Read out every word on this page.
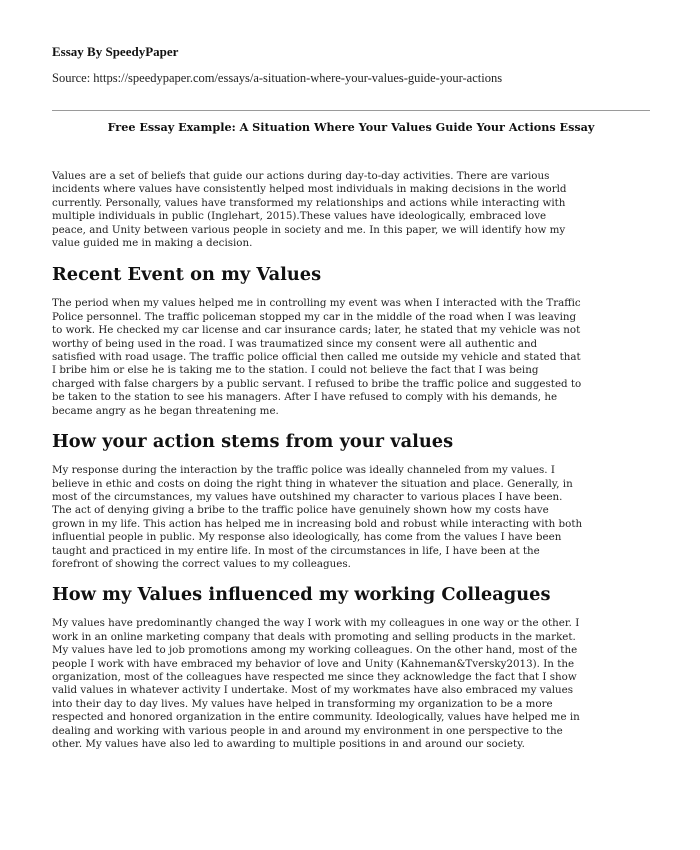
Essay By SpeedyPaper
Source: https://speedypaper.com/essays/a-situation-where-your-values-guide-your-actions
Free Essay Example: A Situation Where Your Values Guide Your Actions Essay

Values are a set of beliefs that guide our actions during day-to-day activities. There are various
incidents where values have consistently helped most individuals in making decisions in the world
currently. Personally, values have transformed my relationships and actions while interacting with
multiple individuals in public (Inglehart, 2015).These values have ideologically, embraced love
peace, and Unity between various people in society and me. In this paper, we will identify how my
value guided me in making a decision.

Recent Event on my Values

The period when my values helped me in controlling my event was when I interacted with the Traffic
Police personnel. The traffic policeman stopped my car in the middle of the road when I was leaving
to work. He checked my car license and car insurance cards; later, he stated that my vehicle was not
worthy of being used in the road. I was traumatized since my consent were all authentic and
satisfied with road usage. The traffic police official then called me outside my vehicle and stated that
I bribe him or else he is taking me to the station. I could not believe the fact that I was being
charged with false chargers by a public servant. I refused to bribe the traffic police and suggested to
be taken to the station to see his managers. After I have refused to comply with his demands, he
became angry as he began threatening me.

How your action stems from your values

My response during the interaction by the traffic police was ideally channeled from my values. I
believe in ethic and costs on doing the right thing in whatever the situation and place. Generally, in
most of the circumstances, my values have outshined my character to various places I have been.
The act of denying giving a bribe to the traffic police have genuinely shown how my costs have
grown in my life. This action has helped me in increasing bold and robust while interacting with both
influential people in public. My response also ideologically, has come from the values I have been
taught and practiced in my entire life. In most of the circumstances in life, I have been at the
forefront of showing the correct values to my colleagues.

How my Values influenced my working Colleagues

My values have predominantly changed the way I work with my colleagues in one way or the other. I
work in an online marketing company that deals with promoting and selling products in the market.
My values have led to job promotions among my working colleagues. On the other hand, most of the
people I work with have embraced my behavior of love and Unity (Kahneman&Tversky2013). In the
organization, most of the colleagues have respected me since they acknowledge the fact that I show
valid values in whatever activity I undertake. Most of my workmates have also embraced my values
into their day to day lives. My values have helped in transforming my organization to be a more
respected and honored organization in the entire community. Ideologically, values have helped me in
dealing and working with various people in and around my environment in one perspective to the
other. My values have also led to awarding to multiple positions in and around our society.
